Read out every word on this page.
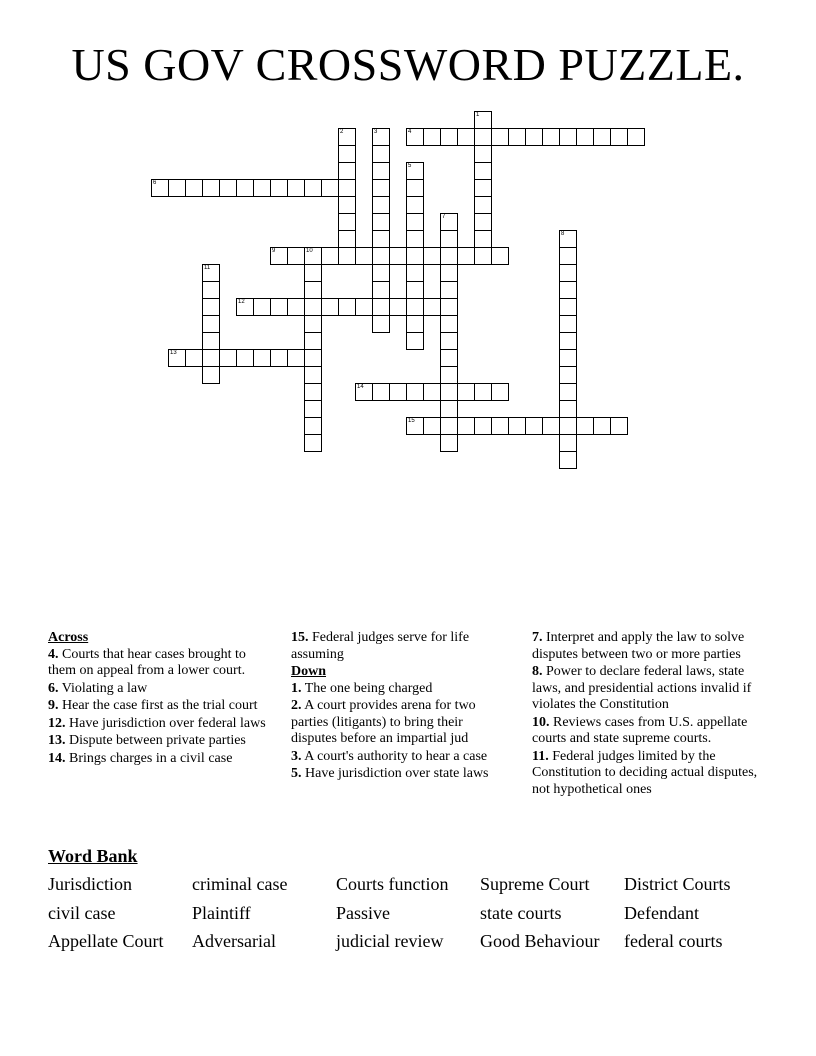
US GOV CROSSWORD PUZZLE.
1
2	3	4
5
6
7
8
9	10
11
12
13
14
15
Across
4. Courts that hear cases brought to them on appeal from a lower court.
6. Violating a law
9. Hear the case first as the trial court
12. Have jurisdiction over federal laws
13. Dispute between private parties
14. Brings charges in a civil case
15. Federal judges serve for life assuming
Down
1. The one being charged
2. A court provides arena for two parties (litigants) to bring their disputes before an impartial jud
3. A court's authority to hear a case
5. Have jurisdiction over state laws
7. Interpret and apply the law to solve disputes between two or more parties
8. Power to declare federal laws, state laws, and presidential actions invalid if violates the Constitution
10. Reviews cases from U.S. appellate courts and state supreme courts.
11. Federal judges limited by the Constitution to deciding actual disputes, not hypothetical ones
Word Bank
Jurisdiction	criminal case	Courts function	Supreme Court	District Courts
civil case	Plaintiff	Passive	state courts	Defendant
Appellate Court	Adversarial	judicial review	Good Behaviour	federal courts
